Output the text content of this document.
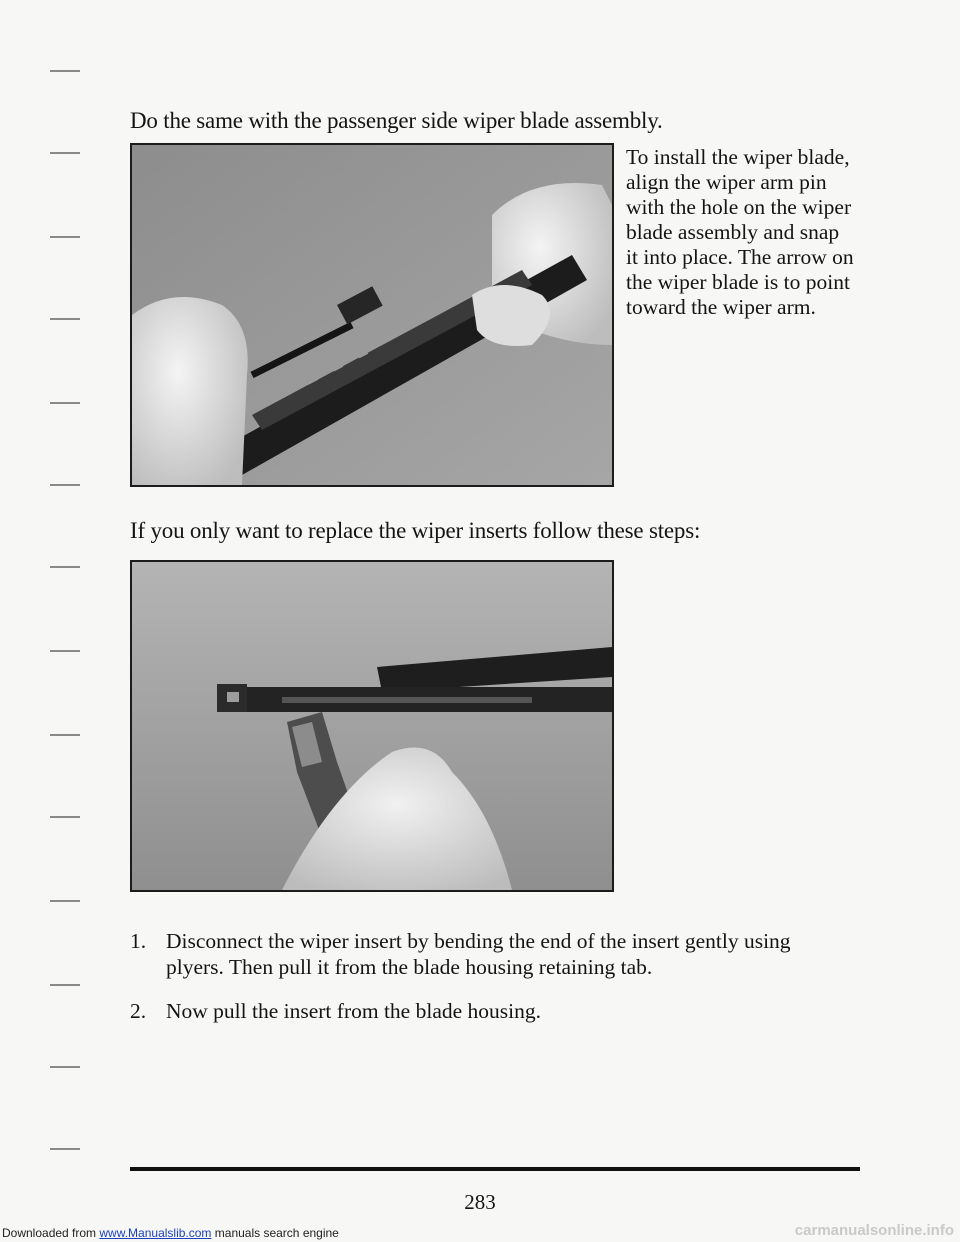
Do the same with the passenger side wiper blade assembly.

To install the wiper blade, align the wiper arm pin with the hole on the wiper blade assembly and snap it into place. The arrow on the wiper blade is to point toward the wiper arm.

If you only want to replace the wiper inserts follow these steps:

1. Disconnect the wiper insert by bending the end of the insert gently using plyers. Then pull it from the blade housing retaining tab.
2. Now pull the insert from the blade housing.
283
Downloaded from www.Manualslib.com manuals search engine	carmanualsonline.info
